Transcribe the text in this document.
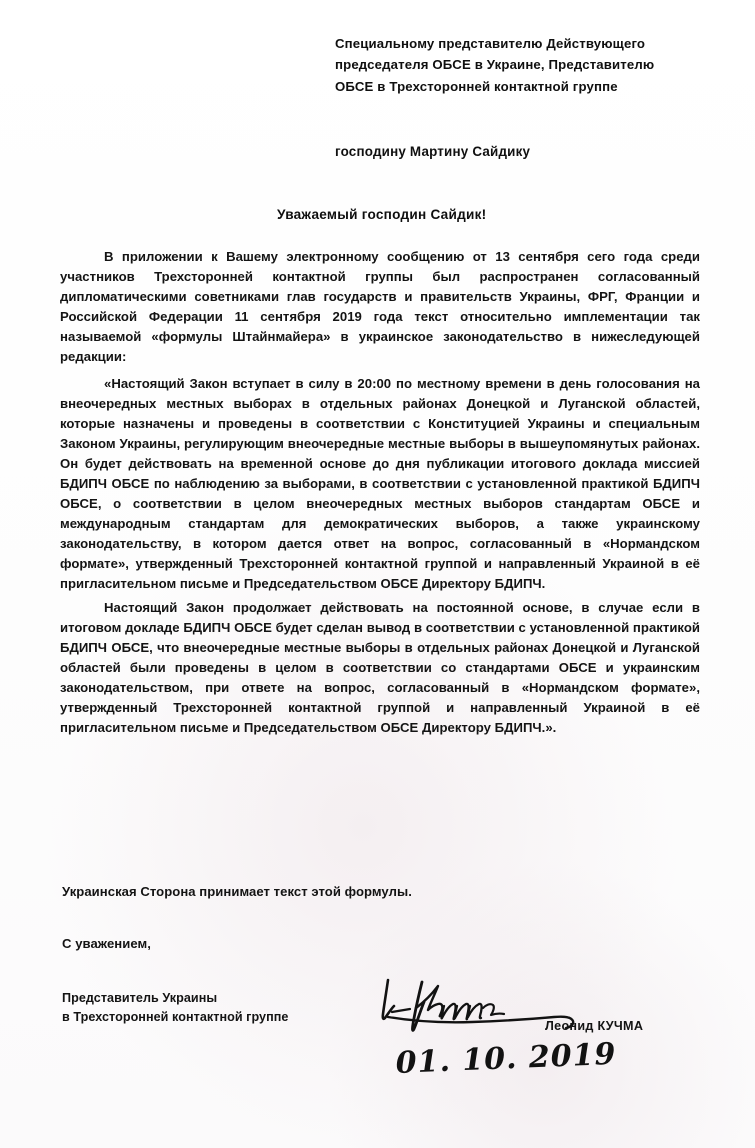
Специальному представителю Действующего
председателя ОБСЕ в Украине, Представителю
ОБСЕ в Трехсторонней контактной группе
господину Мартину Сайдику
Уважаемый господин Сайдик!

В приложении к Вашему электронному сообщению от 13 сентября сего года среди участников Трехсторонней контактной группы был распространен согласованный дипломатическими советниками глав государств и правительств Украины, ФРГ, Франции и Российской Федерации 11 сентября 2019 года текст относительно имплементации так называемой «формулы Штайнмайера» в украинское законодательство в нижеследующей редакции:

«Настоящий Закон вступает в силу в 20:00 по местному времени в день голосования на внеочередных местных выборах в отдельных районах Донецкой и Луганской областей, которые назначены и проведены в соответствии с Конституцией Украины и специальным Законом Украины, регулирующим внеочередные местные выборы в вышеупомянутых районах. Он будет действовать на временной основе до дня публикации итогового доклада миссией БДИПЧ ОБСЕ по наблюдению за выборами, в соответствии с установленной практикой БДИПЧ ОБСЕ, о соответствии в целом внеочередных местных выборов стандартам ОБСЕ и международным стандартам для демократических выборов, а также украинскому законодательству, в котором дается ответ на вопрос, согласованный в «Нормандском формате», утвержденный Трехсторонней контактной группой и направленный Украиной в её пригласительном письме и Председательством ОБСЕ Директору БДИПЧ.

Настоящий Закон продолжает действовать на постоянной основе, в случае если в итоговом докладе БДИПЧ ОБСЕ будет сделан вывод в соответствии с установленной практикой БДИПЧ ОБСЕ, что внеочередные местные выборы в отдельных районах Донецкой и Луганской областей были проведены в целом в соответствии со стандартами ОБСЕ и украинским законодательством, при ответе на вопрос, согласованный в «Нормандском формате», утвержденный Трехсторонней контактной группой и направленный Украиной в её пригласительном письме и Председательством ОБСЕ Директору БДИПЧ.».

Украинская Сторона принимает текст этой формулы.
С уважением,
Представитель Украины
в Трехсторонней контактной группе
Леонид КУЧМА
01. 10. 2019
